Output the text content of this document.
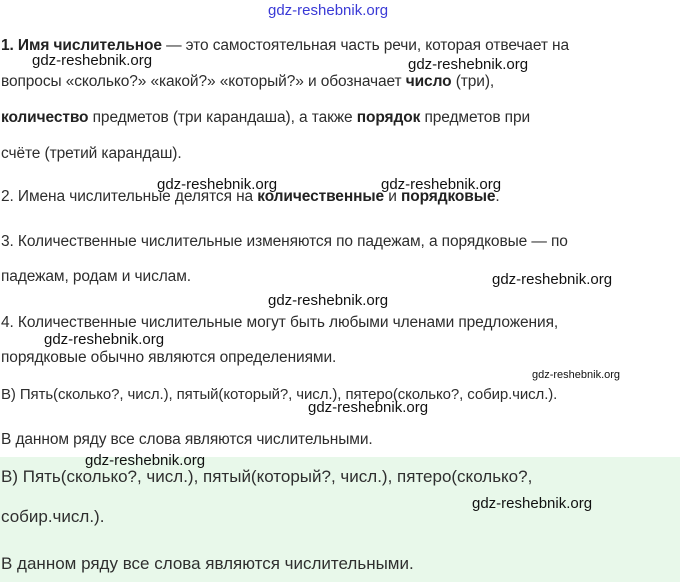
gdz-reshebnik.org
1. Имя числительное — это самостоятельная часть речи, которая отвечает на
вопросы «сколько?» «какой?» «который?» и обозначает число (три),
количество предметов (три карандаша), а также порядок предметов при
счёте (третий карандаш).
2. Имена числительные делятся на количественные и порядковые.
3. Количественные числительные изменяются по падежам, а порядковые — по
падежам, родам и числам.
4. Количественные числительные могут быть любыми членами предложения,
порядковые обычно являются определениями.
В) Пять(сколько?, числ.), пятый(который?, числ.), пятеро(сколько?, собир.числ.).
В данном ряду все слова являются числительными.
В) Пять(сколько?, числ.), пятый(который?, числ.), пятеро(сколько?,
собир.числ.).
В данном ряду все слова являются числительными.
gdz-reshebnik.org	gdz-reshebnik.org
gdz-reshebnik.org	gdz-reshebnik.org
gdz-reshebnik.org
gdz-reshebnik.org
gdz-reshebnik.org
gdz-reshebnik.org
gdz-reshebnik.org
gdz-reshebnik.org
gdz-reshebnik.org
